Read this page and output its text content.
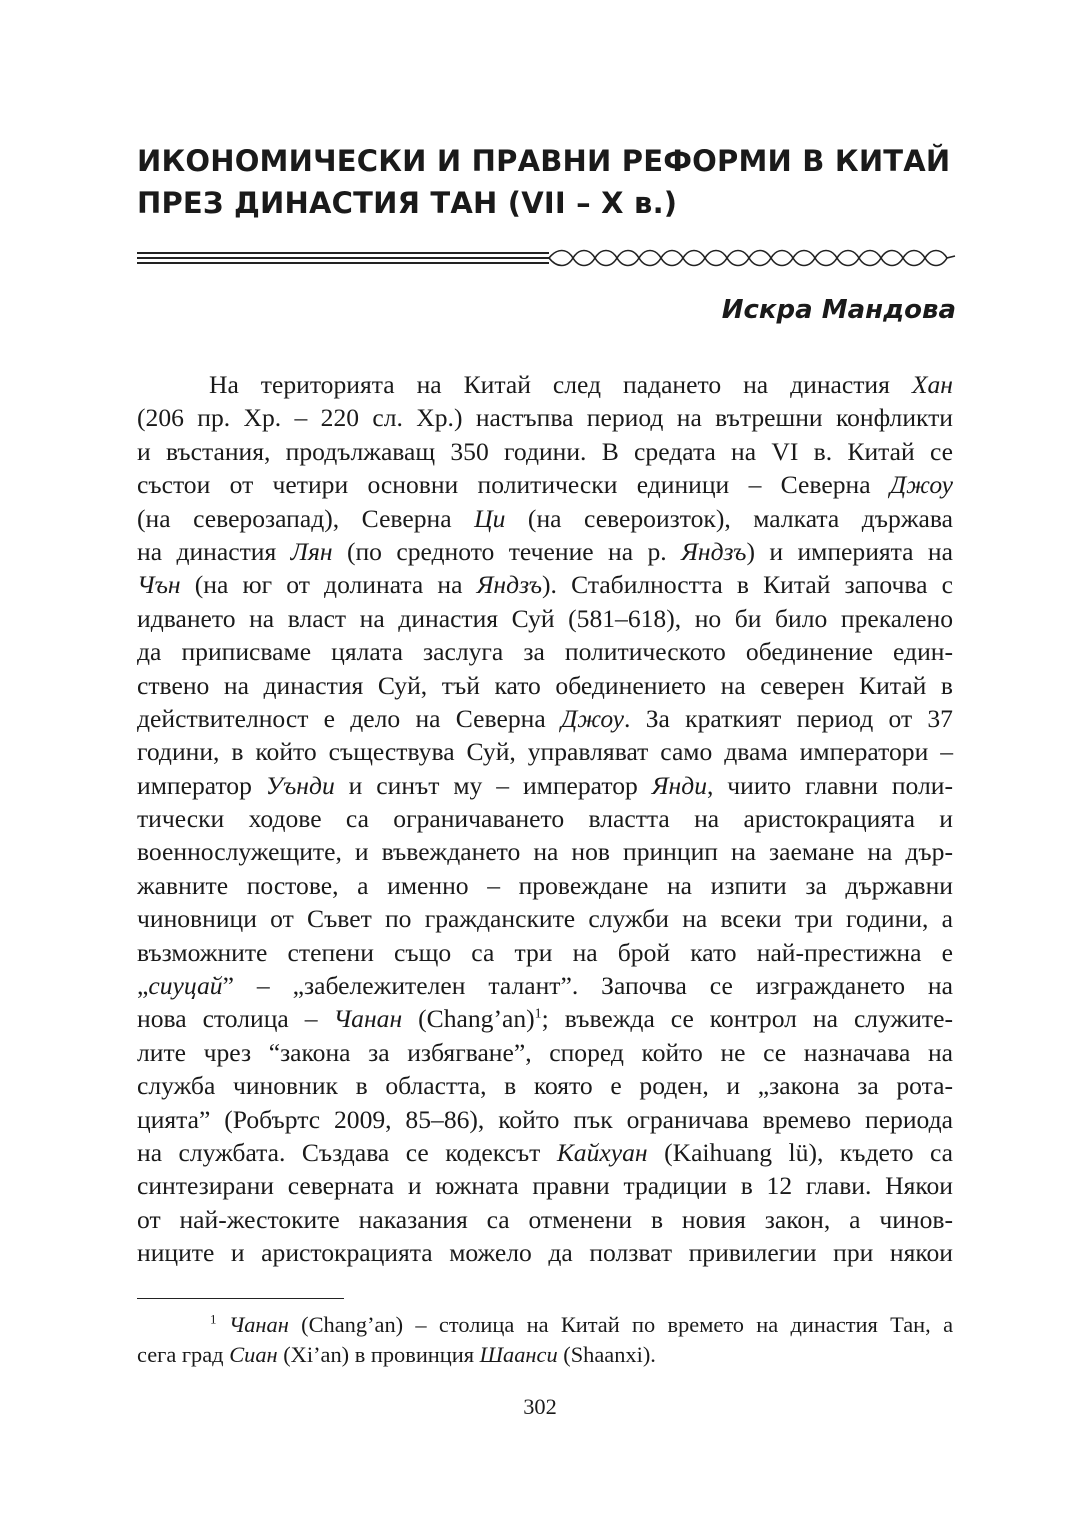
ИКОНОМИЧЕСКИ И ПРАВНИ РЕФОРМИ В КИТАЙ
ПРЕЗ ДИНАСТИЯ ТАН (VII – X в.)

Искра Мандова

На територията на Китай след падането на династия Хан
(206 пр. Хр. – 220 сл. Хр.) настъпва период на вътрешни конфликти
и въстания, продължаващ 350 години. В средата на VI в. Китай се
състои от четири основни политически единици – Северна Джоу
(на северозапад), Северна Ци (на североизток), малката държава
на династия Лян (по средното течение на р. Яндзъ) и империята на
Чън (на юг от долината на Яндзъ). Стабилността в Китай започва с
идването на власт на династия Суй (581–618), но би било прекалено
да приписваме цялата заслуга за политическото обединение един-
ствено на династия Суй, тъй като обединението на северен Китай в
действителност е дело на Северна Джоу. За краткият период от 37
години, в който съществува Суй, управляват само двама императори –
император Уънди и синът му – император Янди, чиито главни поли-
тически ходове са ограничаването властта на аристокрацията и
военнослужещите, и въвеждането на нов принцип на заемане на дър-
жавните постове, а именно – провеждане на изпити за държавни
чиновници от Съвет по гражданските служби на всеки три години, а
възможните степени също са три на брой като най-престижна е
„сиуцай” – „забележителен талант”. Започва се изграждането на
нова столица – Чанан (Chang’an)$^1$; въвежда се контрол на служите-
лите чрез “закона за избягване”, според който не се назначава на
служба чиновник в областта, в която е роден, и „закона за рота-
цията” (Робъртс 2009, 85–86), който пък ограничава времево периода
на службата. Създава се кодексът Кайхуан (Kaihuang lü), където са
синтезирани северната и южната правни традиции в 12 глави. Някои
от най-жестоките наказания са отменени в новия закон, а чинов-
ниците и аристокрацията можело да ползват привилегии при някои
$^1$ Чанан (Chang’an) – столица на Китай по времето на династия Тан, а
сега град Сиан (Xi’an) в провинция Шаанси (Shaanxi).
302
